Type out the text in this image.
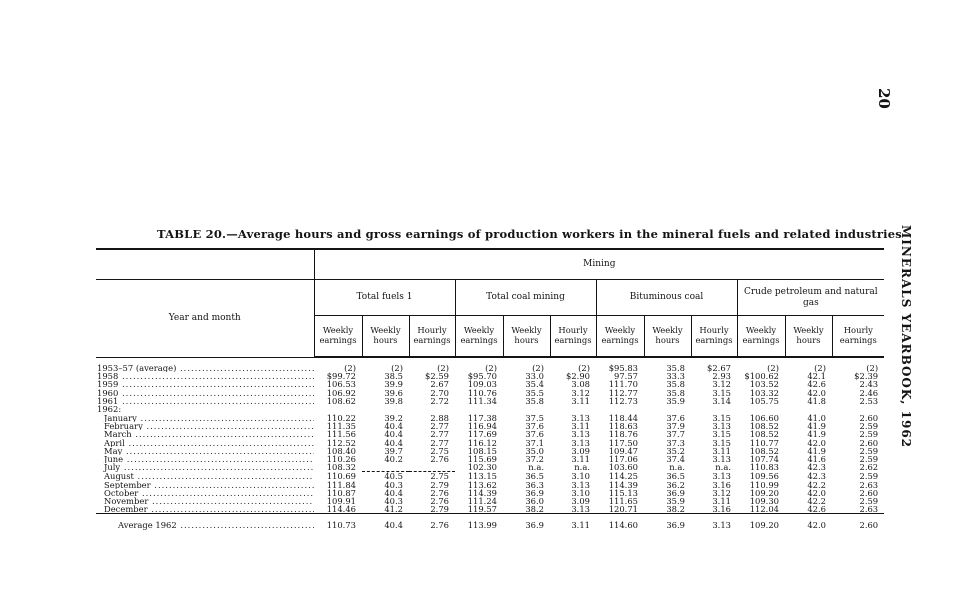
20
MINERALS YEARBOOK, 1962
TABLE 20.—Average hours and gross earnings of production workers in the mineral fuels and related industries
	Mining											
Year and month	Total fuels 1			Total coal mining			Bituminous coal			Crude petroleum and natural gas		
	Weekly earnings	Weekly hours	Hourly earnings	Weekly earnings	Weekly hours	Hourly earnings	Weekly earnings	Weekly hours	Hourly earnings	Weekly earnings	Weekly hours	Hourly earnings
1953–57 (average) .....	(2)	(2)	(2)	(2)	(2)	(2)	$95.83	35.8	$2.67	(2)	(2)	(2)
1958 .....	$99.72	38.5	$2.59	$95.70	33.0	$2.90	97.57	33.3	2.93	$100.62	42.1	$2.39
1959 .....	106.53	39.9	2.67	109.03	35.4	3.08	111.70	35.8	3.12	103.52	42.6	2.43
1960 .....	106.92	39.6	2.70	110.76	35.5	3.12	112.77	35.8	3.15	103.32	42.0	2.46
1961 .....	108.62	39.8	2.72	111.34	35.8	3.11	112.73	35.9	3.14	105.75	41.8	2.53
1962:												
January .....	110.22	39.2	2.88	117.38	37.5	3.13	118.44	37.6	3.15	106.60	41.0	2.60
February .....	111.35	40.4	2.77	116.94	37.6	3.11	118.63	37.9	3.13	108.52	41.9	2.59
March .....	111.56	40.4	2.77	117.69	37.6	3.13	118.76	37.7	3.15	108.52	41.9	2.59
April .....	112.52	40.4	2.77	116.12	37.1	3.13	117.50	37.3	3.15	110.77	42.0	2.60
May .....	108.40	39.7	2.75	108.15	35.0	3.09	109.47	35.2	3.11	108.52	41.9	2.59
June .....	110.26	40.2	2.76	115.69	37.2	3.11	117.06	37.4	3.13	107.74	41.6	2.59
July .....	108.32			102.30	n.a.	n.a.	103.60	n.a.	n.a.	110.83	42.3	2.62
August .....	110.69	40.5	2.75	113.15	36.5	3.10	114.25	36.5	3.13	109.56	42.3	2.59
September .....	111.84	40.3	2.79	113.62	36.3	3.13	114.39	36.2	3.16	110.99	42.2	2.63
October .....	110.87	40.4	2.76	114.39	36.9	3.10	115.13	36.9	3.12	109.20	42.0	2.60
November .....	109.91	40.3	2.76	111.24	36.0	3.09	111.65	35.9	3.11	109.30	42.2	2.59
December .....	114.46	41.2	2.79	119.57	38.2	3.13	120.71	38.2	3.16	112.04	42.6	2.63
Average 1962 .....	110.73	40.4	2.76	113.99	36.9	3.11	114.60	36.9	3.13	109.20	42.0	2.60
